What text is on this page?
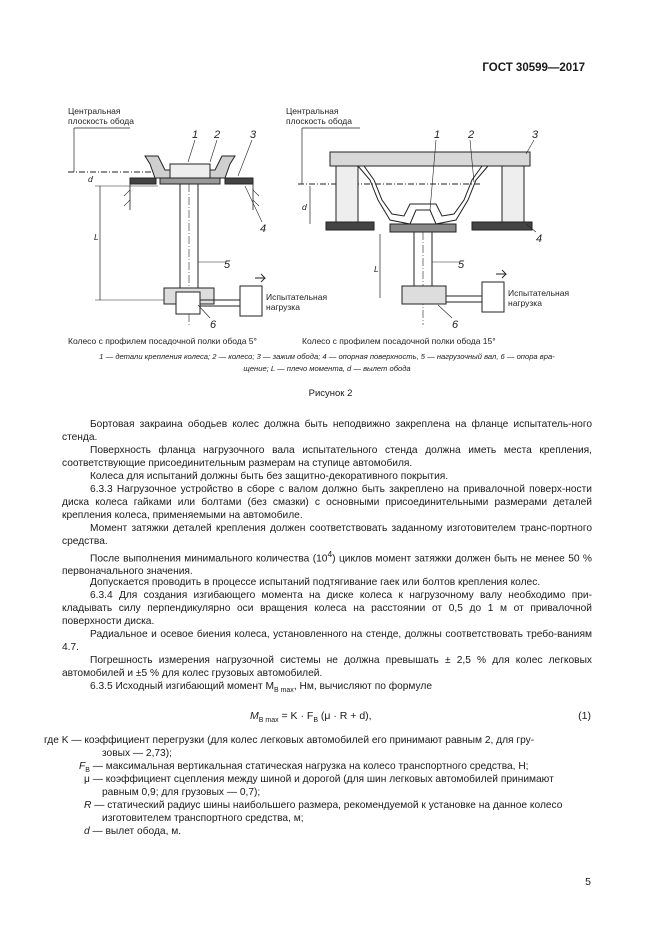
ГОСТ 30599—2017
Центральная
плоскость обода
d
L
1 2	3
4
5
6
Испытательная
нагрузка
Колесо с профилем посадочной полки обода 5°
Центральная
плоскость обода
d
L
1	2	3
4
5
6
Испытательная
нагрузка
Колесо с профилем посадочной полки обода 15°
1 — детали крепления колеса; 2 — колесо; 3 — зажим обода; 4 — опорная поверхность, 5 — нагрузочный вал, 6 — опора вра-
щение; L — плечо момента, d — вылет обода
Рисунок 2
Бортовая закраина ободьев колес должна быть неподвижно закреплена на фланце испытатель-ного стенда.
Поверхность фланца нагрузочного вала испытательного стенда должна иметь места крепления, соответствующие присоединительным размерам на ступице автомобиля.
Колеса для испытаний должны быть без защитно-декоративного покрытия.
6.3.3 Нагрузочное устройство в сборе с валом должно быть закреплено на привалочной поверх-ности диска колеса гайками или болтами (без смазки) с основными присоединительными размерами деталей крепления колеса, применяемыми на автомобиле.
Момент затяжки деталей крепления должен соответствовать заданному изготовителем транс-портного средства.
После выполнения минимального количества $(10^4)$ циклов момент затяжки должен быть не менее 50 % первоначального значения.
Допускается проводить в процессе испытаний подтягивание гаек или болтов крепления колес.
6.3.4 Для создания изгибающего момента на диске колеса к нагрузочному валу необходимо при-кладывать силу перпендикулярно оси вращения колеса на расстоянии от 0,5 до 1 м от привалочной поверхности диска.
Радиальное и осевое биения колеса, установленного на стенде, должны соответствовать требо-ваниям 4.7.
Погрешность измерения нагрузочной системы не должна превышать ± 2,5 % для колес легковых автомобилей и ±5 % для колес грузовых автомобилей.
6.3.5 Исходный изгибающий момент $M_{B max}$, Нм, вычисляют по формуле
$M_{B max} = K \cdot F_B$ (μ · R + d),	(1)
где K — коэффициент перегрузки (для колес легковых автомобилей его принимают равным 2, для гру-
зовых — 2,73);
$F_B$ — максимальная вертикальная статическая нагрузка на колесо транспортного средства, Н;
μ — коэффициент сцепления между шиной и дорогой (для шин легковых автомобилей принимают
равным 0,9; для грузовых — 0,7);
R — статический радиус шины наибольшего размера, рекомендуемой к установке на данное колесо
изготовителем транспортного средства, м;
d — вылет обода, м.
5
